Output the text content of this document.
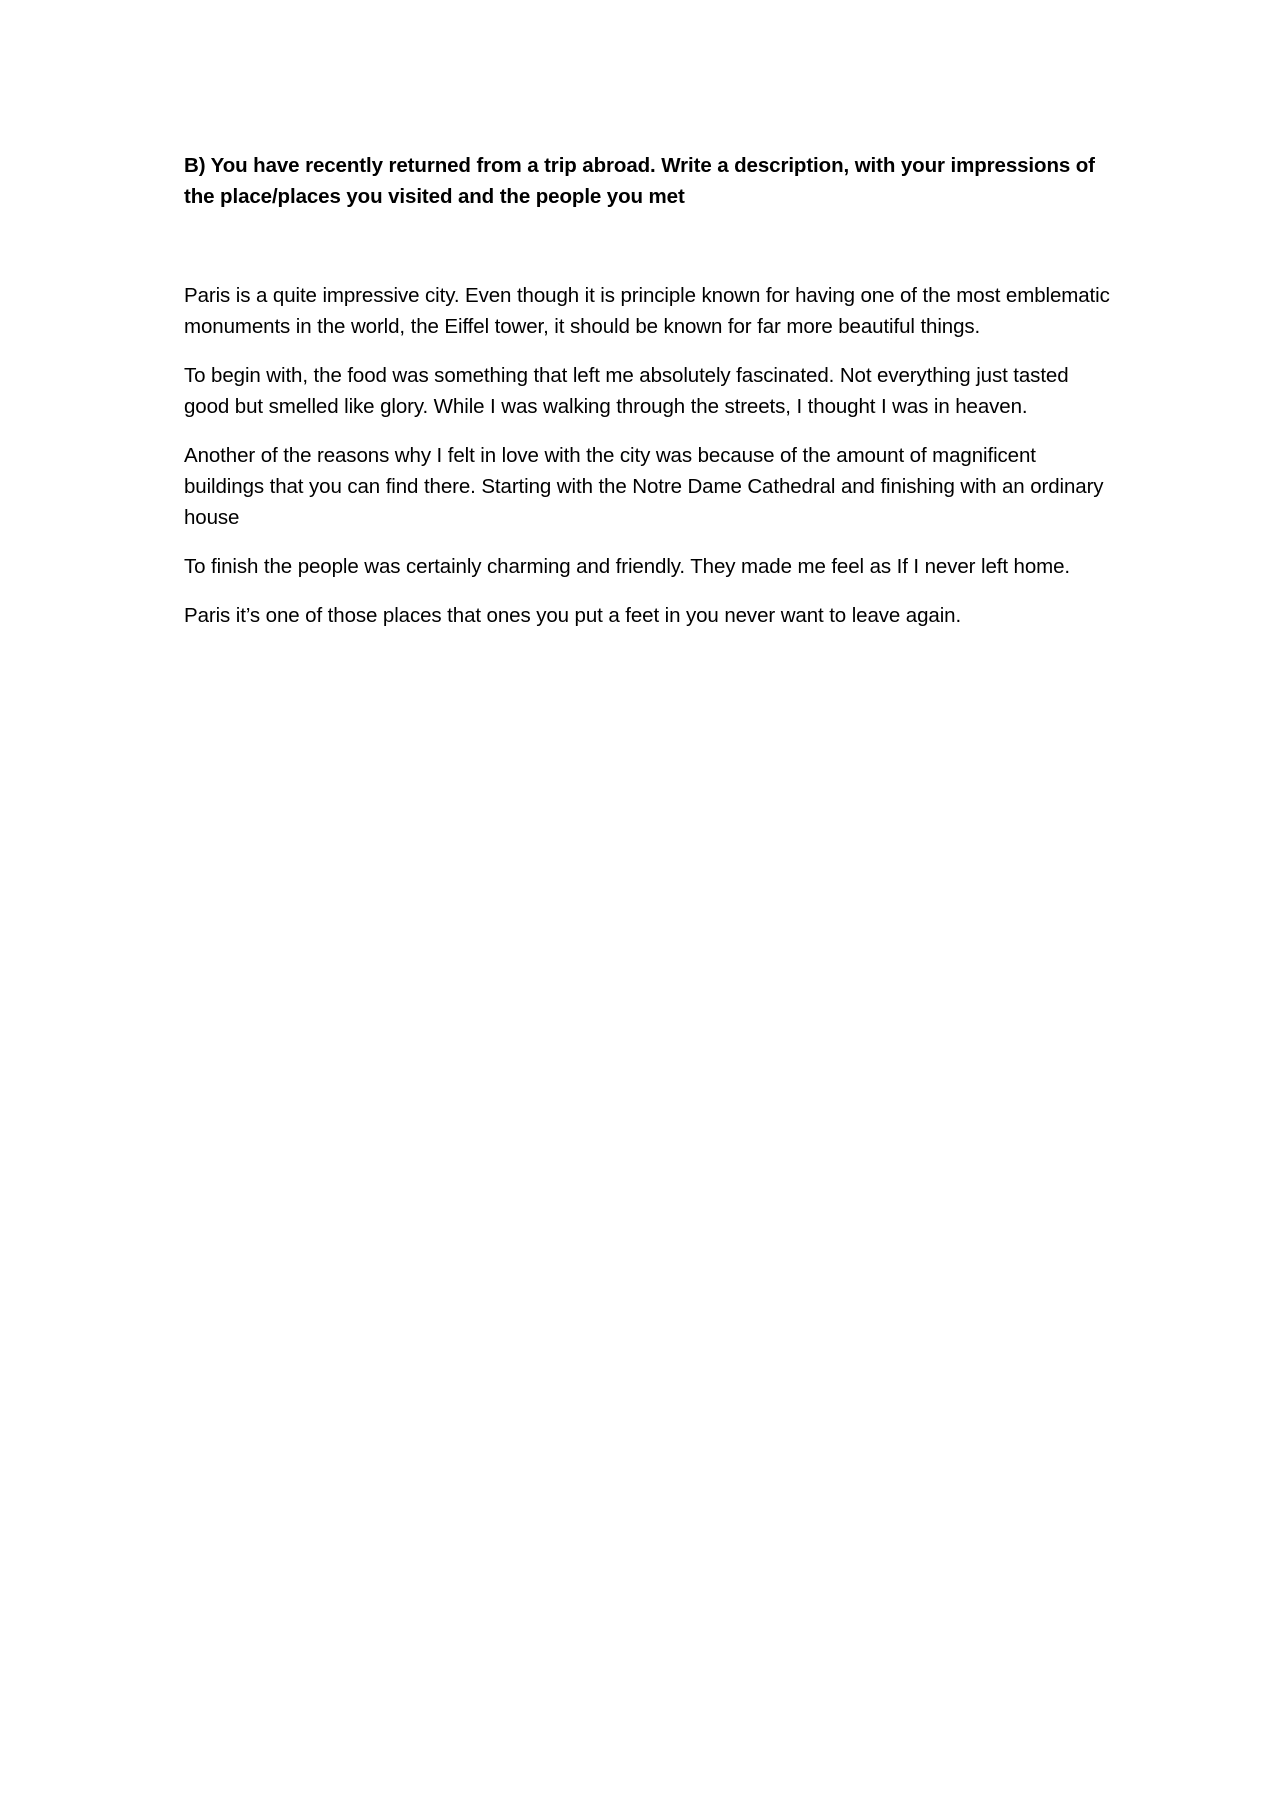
B) You have recently returned from a trip abroad. Write a description, with your impressions of the place/places you visited and the people you met

Paris is a quite impressive city. Even though it is principle known for having one of the most emblematic monuments in the world, the Eiffel tower, it should be known for far more beautiful things.

To begin with, the food was something that left me absolutely fascinated. Not everything just tasted good but smelled like glory. While I was walking through the streets, I thought I was in heaven.

Another of the reasons why I felt in love with the city was because of the amount of magnificent buildings that you can find there. Starting with the Notre Dame Cathedral and finishing with an ordinary house

To finish the people was certainly charming and friendly. They made me feel as If I never left home.

Paris it’s one of those places that ones you put a feet in you never want to leave again.
